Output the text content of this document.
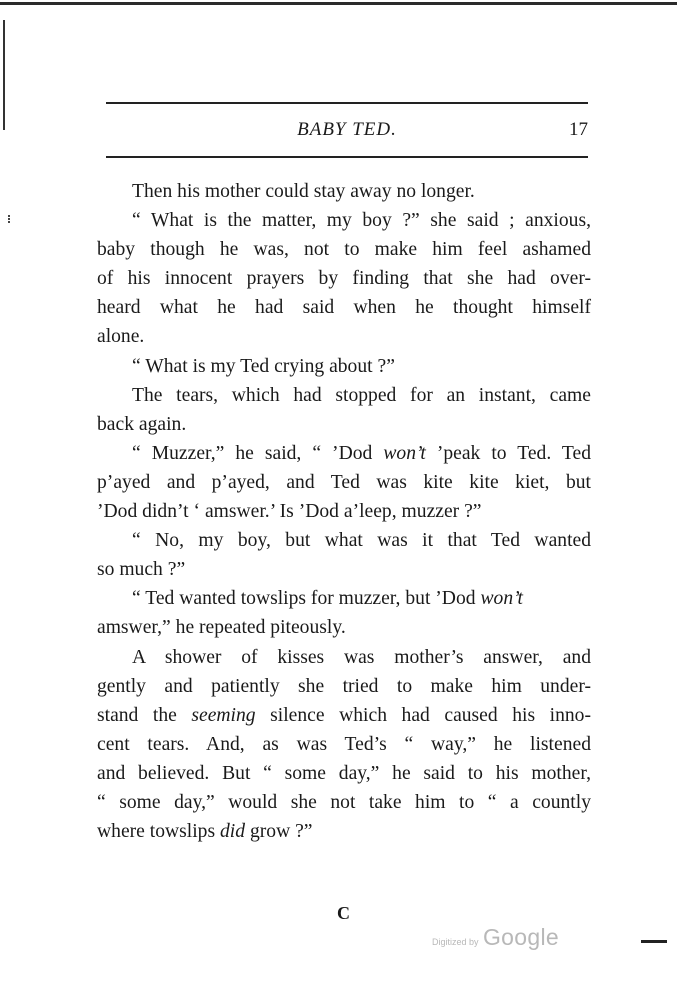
BABY TED.	17
Then his mother could stay away no longer.
“ What is the matter, my boy ?” she said ; anxious,
baby though he was, not to make him feel ashamed
of his innocent prayers by finding that she had over-
heard what he had said when he thought himself
alone.
“ What is my Ted crying about ?”
The tears, which had stopped for an instant, came
back again.
“ Muzzer,” he said, “ ’Dod won’t ’peak to Ted. Ted
p’ayed and p’ayed, and Ted was kite kite kiet, but
’Dod didn’t ‘ amswer.’ Is ’Dod a’leep, muzzer ?”
“ No, my boy, but what was it that Ted wanted
so much ?”
“ Ted wanted towslips for muzzer, but ’Dod won’t
amswer,” he repeated piteously.
A shower of kisses was mother’s answer, and
gently and patiently she tried to make him under-
stand the seeming silence which had caused his inno-
cent tears. And, as was Ted’s “ way,” he listened
and believed. But “ some day,” he said to his mother,
“ some day,” would she not take him to “ a countly
where towslips did grow ?”
C
Digitized by Google
